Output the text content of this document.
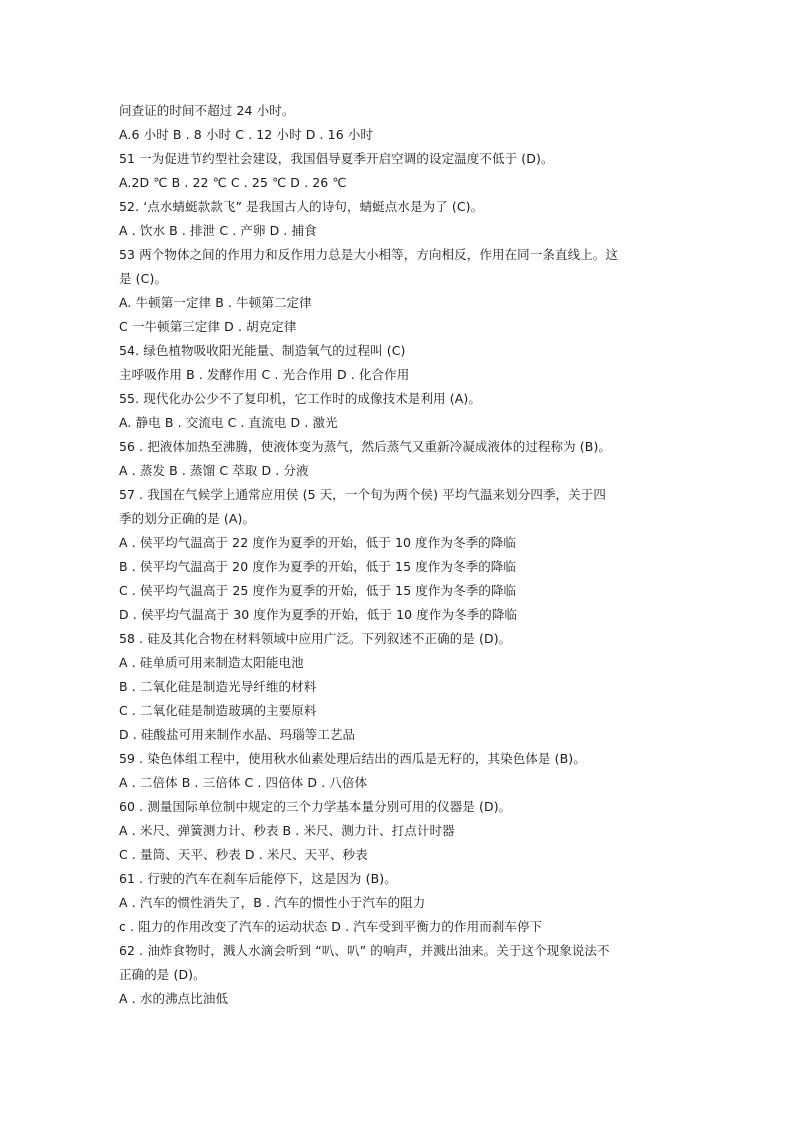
问查证的时间不超过 24 小时。
A.6 小时 B . 8 小时 C . 12 小时 D . 16 小时
51 一为促进节约型社会建设，我国倡导夏季开启空调的设定温度不低于 (D)。
A.2D ℃ B . 22 ℃ C . 25 ℃ D . 26 ℃
52. ‘点水蜻蜓款款飞” 是我国古人的诗句，蜻蜓点水是为了 (C)。
A . 饮水 B . 排泄 C . 产卵 D . 捕食
53 两个物体之间的作用力和反作用力总是大小相等，方向相反，作用在同一条直线上。这
是 (C)。
A. 牛顿第一定律 B . 牛顿第二定律
C 一牛顿第三定律 D . 胡克定律
54. 绿色植物吸收阳光能量、制造氧气的过程叫 (C)
主呼吸作用 B . 发酵作用 C . 光合作用 D . 化合作用
55. 现代化办公少不了复印机，它工作时的成像技术是利用 (A)。
A. 静电 B . 交流电 C . 直流电 D . 激光
56 . 把液体加热至沸腾，使液体变为蒸气，然后蒸气又重新冷凝成液体的过程称为 (B)。
A . 蒸发 B . 蒸馏 C 萃取 D . 分液
57 . 我国在气候学上通常应用侯 (5 天，一个旬为两个侯) 平均气温来划分四季，关于四
季的划分正确的是 (A)。
A . 侯平均气温高于 22 度作为夏季的开始，低于 10 度作为冬季的降临
B . 侯平均气温高于 20 度作为夏季的开始，低于 15 度作为冬季的降临
C . 侯平均气温高于 25 度作为夏季的开始，低于 15 度作为冬季的降临
D . 侯平均气温高于 30 度作为夏季的开始，低于 10 度作为冬季的降临
58 . 硅及其化合物在材料领域中应用广泛。下列叙述不正确的是 (D)。
A . 硅单质可用来制造太阳能电池
B . 二氧化硅是制造光导纤维的材料
C . 二氧化硅是制造玻璃的主要原料
D . 硅酸盐可用来制作水晶、玛瑙等工艺品
59 . 染色体组工程中，使用秋水仙素处理后结出的西瓜是无籽的，其染色体是 (B)。
A . 二倍体 B . 三倍体 C . 四倍体 D . 八倍体
60 . 测量国际单位制中规定的三个力学基本量分别可用的仪器是 (D)。
A . 米尺、弹簧测力计、秒表 B . 米尺、测力计、打点计时器
C . 量筒、天平、秒表 D . 米尺、天平、秒表
61 . 行驶的汽车在刹车后能停下，这是因为 (B)。
A . 汽车的惯性消失了，B . 汽车的惯性小于汽车的阻力
c . 阻力的作用改变了汽车的运动状态 D . 汽车受到平衡力的作用而刹车停下
62 . 油炸食物时，溅人水滴会听到 “叭、叭” 的响声，并溅出油来。关于这个现象说法不
正确的是 (D)。
A . 水的沸点比油低
